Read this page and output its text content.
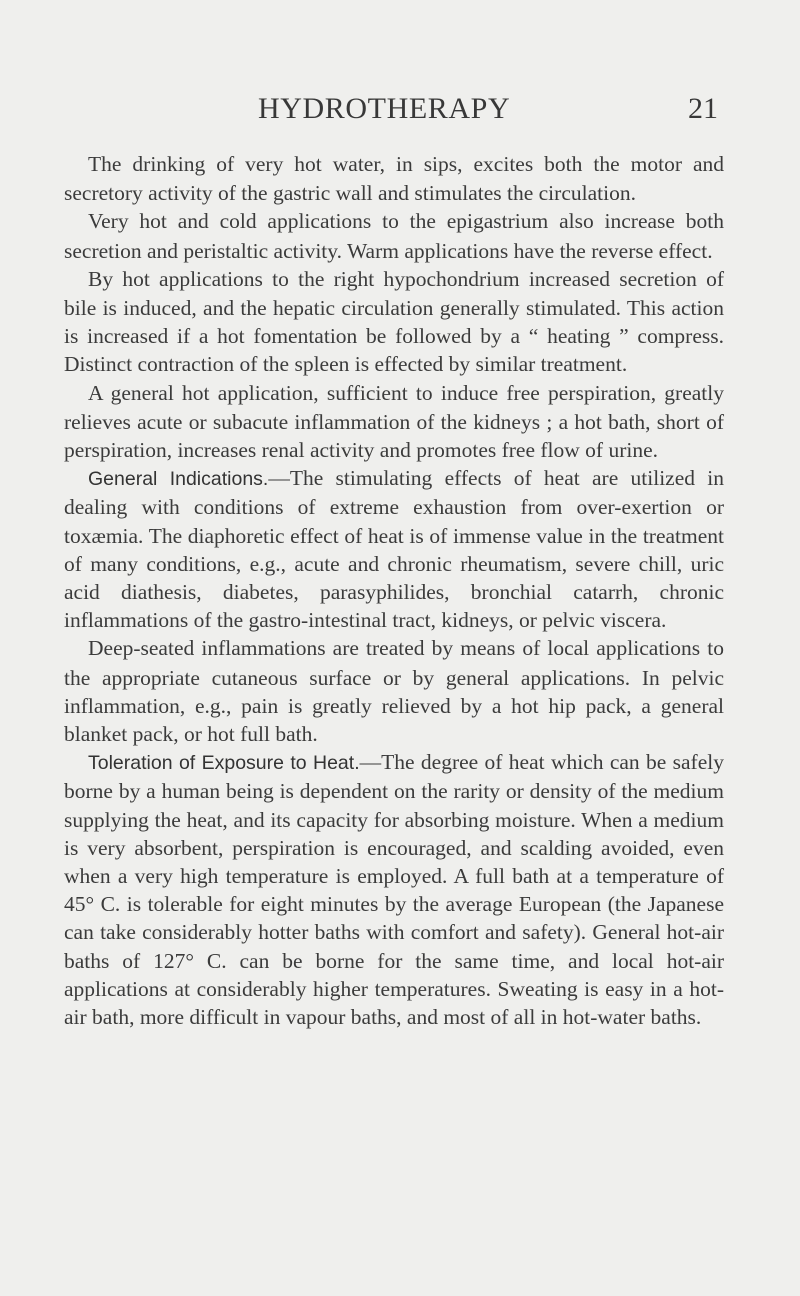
HYDROTHERAPY	21

The drinking of very hot water, in sips, excites both the motor and secretory activity of the gastric wall and stimulates the circulation.

Very hot and cold applications to the epigastrium also increase both secretion and peristaltic activity. Warm applications have the reverse effect.

By hot applications to the right hypochondrium increased secretion of bile is induced, and the hepatic circulation generally stimulated. This action is increased if a hot fomentation be followed by a “ heating ” compress. Distinct contraction of the spleen is effected by similar treatment.

A general hot application, sufficient to induce free perspiration, greatly relieves acute or subacute inflammation of the kidneys ; a hot bath, short of perspiration, increases renal activity and promotes free flow of urine.

General Indications.—The stimulating effects of heat are utilized in dealing with conditions of extreme exhaustion from over-exertion or toxæmia. The diaphoretic effect of heat is of immense value in the treatment of many conditions, e.g., acute and chronic rheumatism, severe chill, uric acid diathesis, diabetes, parasyphilides, bronchial catarrh, chronic inflammations of the gastro-intestinal tract, kidneys, or pelvic viscera.

Deep-seated inflammations are treated by means of local applications to the appropriate cutaneous surface or by general applications. In pelvic inflammation, e.g., pain is greatly relieved by a hot hip pack, a general blanket pack, or hot full bath.

Toleration of Exposure to Heat.—The degree of heat which can be safely borne by a human being is dependent on the rarity or density of the medium supplying the heat, and its capacity for absorbing moisture. When a medium is very absorbent, perspiration is encouraged, and scalding avoided, even when a very high temperature is employed. A full bath at a temperature of 45° C. is tolerable for eight minutes by the average European (the Japanese can take considerably hotter baths with comfort and safety). General hot-air baths of 127° C. can be borne for the same time, and local hot-air applications at considerably higher temperatures. Sweating is easy in a hot-air bath, more difficult in vapour baths, and most of all in hot-water baths.
